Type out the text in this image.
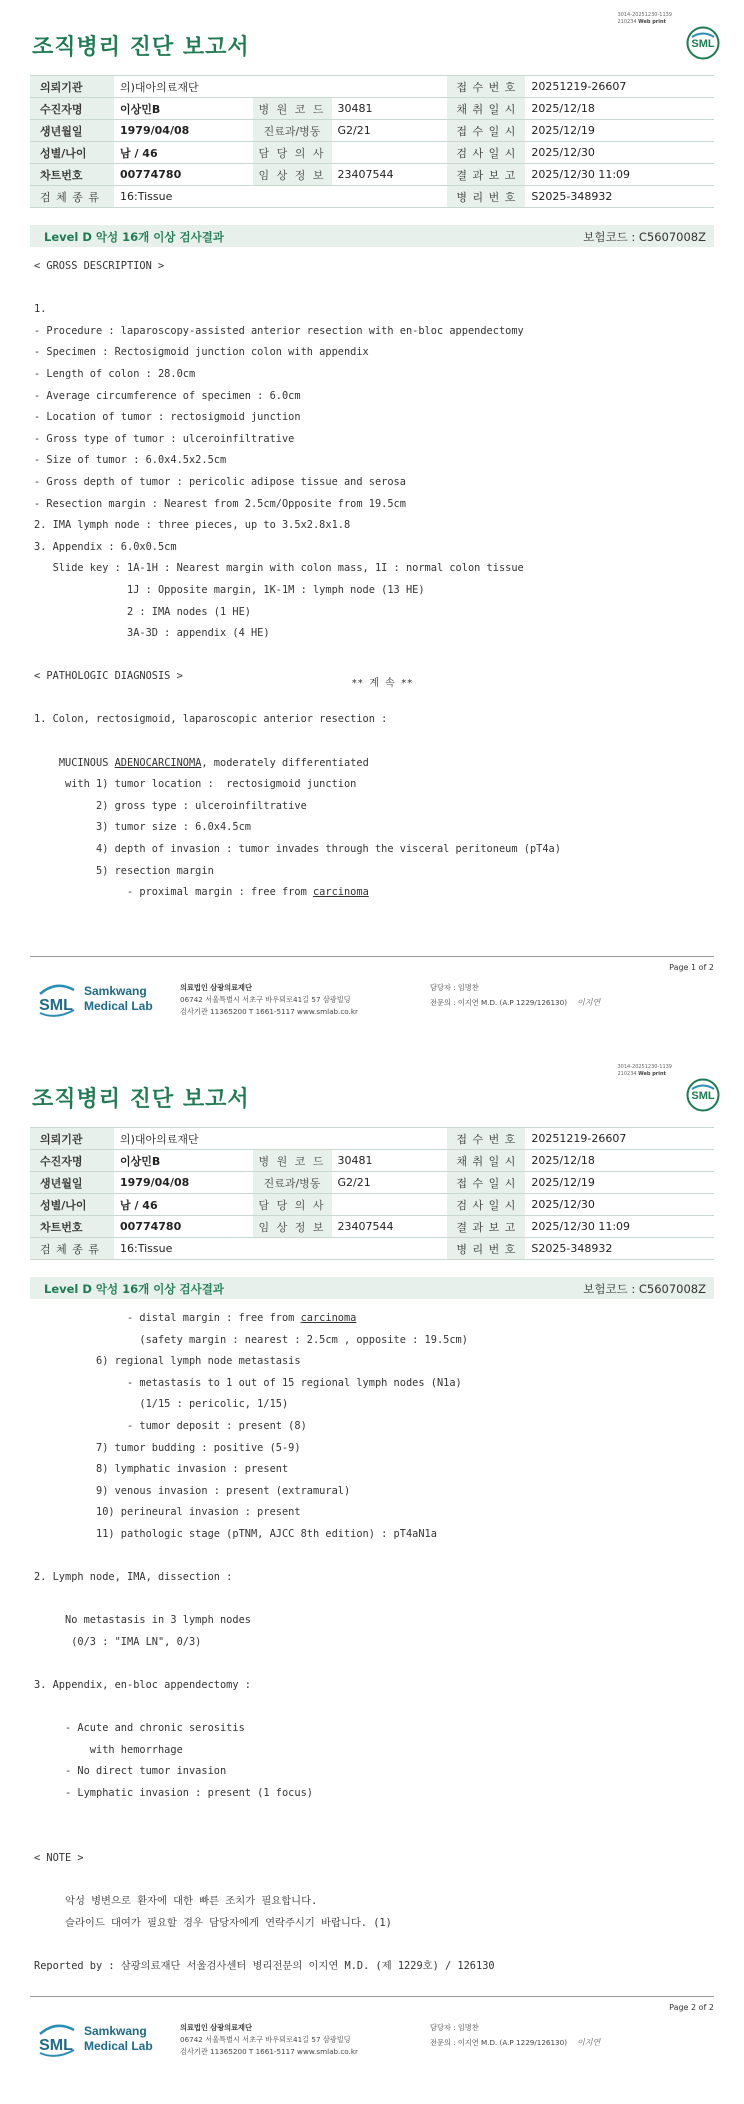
3014-20251230-1139
210234 Web print
조직병리 진단 보고서	SML
의뢰기관	의)대아의료재단			접 수 번 호	20251219-26607
수진자명	이상민B	병 원 코 드	30481	채 취 일 시	2025/12/18
생년월일	1979/04/08	진료과/병동	G2/21	접 수 일 시	2025/12/19
성별/나이	남 / 46	담 당 의 사		검 사 일 시	2025/12/30
차트번호	00774780	임 상 정 보	23407544	결 과 보 고	2025/12/30 11:09
검 체 종 류	16:Tissue			병 리 번 호	S2025-348932
Level D 악성 16개 이상 검사결과	보험코드 : C5607008Z
< GROSS DESCRIPTION >
1.
- Procedure : laparoscopy-assisted anterior resection with en-bloc appendectomy
- Specimen : Rectosigmoid junction colon with appendix
- Length of colon : 28.0cm
- Average circumference of specimen : 6.0cm
- Location of tumor : rectosigmoid junction
- Gross type of tumor : ulceroinfiltrative
- Size of tumor : 6.0x4.5x2.5cm
- Gross depth of tumor : pericolic adipose tissue and serosa
- Resection margin : Nearest from 2.5cm/Opposite from 19.5cm
2. IMA lymph node : three pieces, up to 3.5x2.8x1.8
3. Appendix : 6.0x0.5cm
Slide key : 1A-1H : Nearest margin with colon mass, 1I : normal colon tissue
1J : Opposite margin, 1K-1M : lymph node (13 HE)
2 : IMA nodes (1 HE)
3A-3D : appendix (4 HE)
< PATHOLOGIC DIAGNOSIS >
1. Colon, rectosigmoid, laparoscopic anterior resection :
MUCINOUS ADENOCARCINOMA, moderately differentiated
with 1) tumor location :  rectosigmoid junction
2) gross type : ulceroinfiltrative
3) tumor size : 6.0x4.5cm
4) depth of invasion : tumor invades through the visceral peritoneum (pT4a)
5) resection margin
- proximal margin : free from carcinoma
** 계 속 **
Page 1 of 2
SML
Samkwang
Medical Lab
의료법인 삼광의료재단
06742 서울특별시 서초구 바우뫼로41길 57 삼광빌딩
검사기관 11365200 T 1661-5117 www.smlab.co.kr
담당자 : 임명찬
전문의 : 이지연 M.D. (A.P 1229/126130) 이지연
3014-20251230-1139
210234 Web print
조직병리 진단 보고서	SML
의뢰기관	의)대아의료재단			접 수 번 호	20251219-26607
수진자명	이상민B	병 원 코 드	30481	채 취 일 시	2025/12/18
생년월일	1979/04/08	진료과/병동	G2/21	접 수 일 시	2025/12/19
성별/나이	남 / 46	담 당 의 사		검 사 일 시	2025/12/30
차트번호	00774780	임 상 정 보	23407544	결 과 보 고	2025/12/30 11:09
검 체 종 류	16:Tissue			병 리 번 호	S2025-348932
Level D 악성 16개 이상 검사결과	보험코드 : C5607008Z
- distal margin : free from carcinoma
(safety margin : nearest : 2.5cm , opposite : 19.5cm)
6) regional lymph node metastasis
- metastasis to 1 out of 15 regional lymph nodes (N1a)
(1/15 : pericolic, 1/15)
- tumor deposit : present (8)
7) tumor budding : positive (5-9)
8) lymphatic invasion : present
9) venous invasion : present (extramural)
10) perineural invasion : present
11) pathologic stage (pTNM, AJCC 8th edition) : pT4aN1a
2. Lymph node, IMA, dissection :
No metastasis in 3 lymph nodes
(0/3 : "IMA LN", 0/3)
3. Appendix, en-bloc appendectomy :
- Acute and chronic serositis
with hemorrhage
- No direct tumor invasion
- Lymphatic invasion : present (1 focus)
< NOTE >
악성 병변으로 환자에 대한 빠른 조치가 필요합니다.
슬라이드 대여가 필요할 경우 담당자에게 연락주시기 바랍니다. (1)
Reported by : 삼광의료재단 서울검사센터 병리전문의 이지연 M.D. (제 1229호) / 126130
Page 2 of 2
SML
Samkwang
Medical Lab
의료법인 삼광의료재단
06742 서울특별시 서초구 바우뫼로41길 57 삼광빌딩
검사기관 11365200 T 1661-5117 www.smlab.co.kr
담당자 : 임명찬
전문의 : 이지연 M.D. (A.P 1229/126130) 이지연
